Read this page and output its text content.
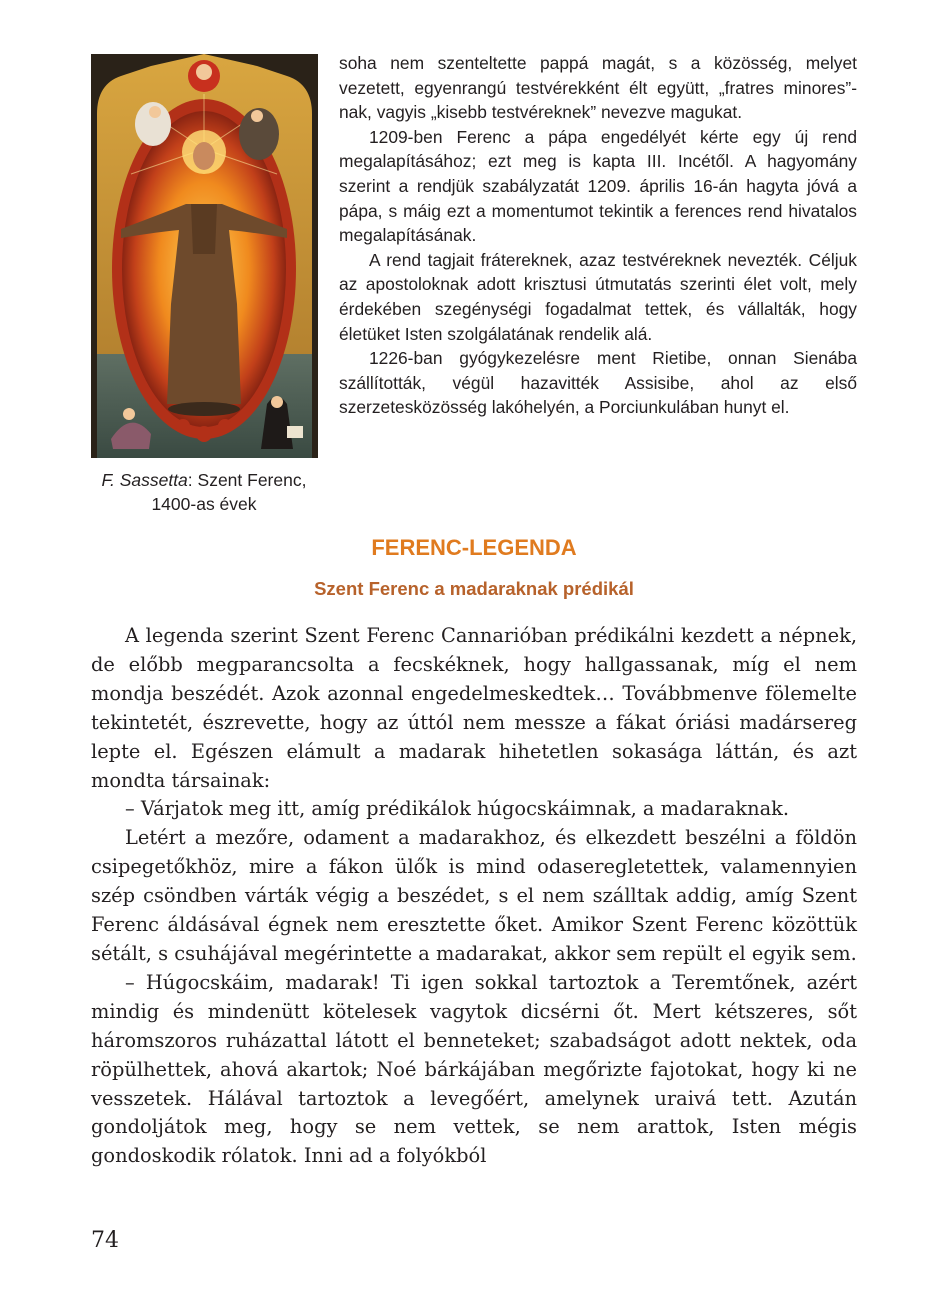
F. Sassetta: Szent Ferenc, 1400-as évek

soha nem szenteltette pappá magát, s a közösség, melyet vezetett, egyenrangú testvérekként élt együtt, „fratres minores”-nak, vagyis „kisebb testvéreknek” nevezve magukat.

1209-ben Ferenc a pápa engedélyét kérte egy új rend megalapításához; ezt meg is kapta III. Incétől. A hagyomány szerint a rendjük szabályzatát 1209. április 16-án hagyta jóvá a pápa, s máig ezt a momentumot tekintik a ferences rend hivatalos megalapításának.

A rend tagjait frátereknek, azaz testvéreknek nevezték. Céljuk az apostoloknak adott krisztusi útmutatás szerinti élet volt, mely érdekében szegénységi fogadalmat tettek, és vállalták, hogy életüket Isten szolgálatának rendelik alá.

1226-ban gyógykezelésre ment Rietibe, onnan Sienába szállították, végül hazavitték Assisibe, ahol az első szerzetesközösség lakóhelyén, a Porciunkulában hunyt el.

FERENC-LEGENDA
Szent Ferenc a madaraknak prédikál

A legenda szerint Szent Ferenc Cannarióban prédikálni kezdett a népnek, de előbb megparancsolta a fecskéknek, hogy hallgassanak, míg el nem mondja beszédét. Azok azonnal engedelmeskedtek… Továbbmenve fölemelte tekintetét, észrevette, hogy az úttól nem messze a fákat óriási madársereg lepte el. Egészen elámult a madarak hihetetlen sokasága láttán, és azt mondta társainak:

– Várjatok meg itt, amíg prédikálok húgocskáimnak, a madaraknak.

Letért a mezőre, odament a madarakhoz, és elkezdett beszélni a földön csipegetőkhöz, mire a fákon ülők is mind odaseregletettek, valamennyien szép csöndben várták végig a beszédet, s el nem szálltak addig, amíg Szent Ferenc áldásával égnek nem eresztette őket. Amikor Szent Ferenc közöttük sétált, s csuhájával megérintette a madarakat, akkor sem repült el egyik sem.

– Húgocskáim, madarak! Ti igen sokkal tartoztok a Teremtőnek, azért mindig és mindenütt kötelesek vagytok dicsérni őt. Mert kétszeres, sőt háromszoros ruházattal látott el benneteket; szabadságot adott nektek, oda röpülhettek, ahová akartok; Noé bárkájában megőrizte fajotokat, hogy ki ne vesszetek. Hálával tartoztok a levegőért, amelynek uraivá tett. Azután gondoljátok meg, hogy se nem vettek, se nem arattok, Isten mégis gondoskodik rólatok. Inni ad a folyókból

74
